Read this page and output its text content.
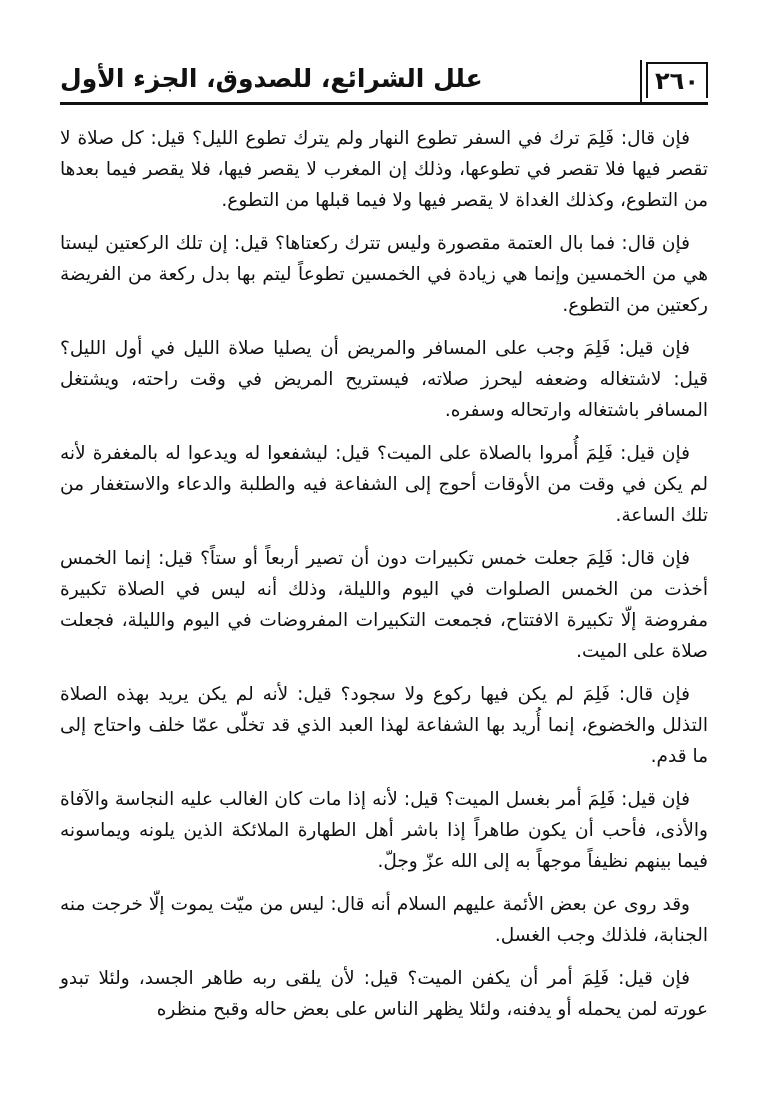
٢٦٠
علل الشرائع، للصدوق، الجزء الأول

فإن قال: فَلِمَ ترك في السفر تطوع النهار ولم يترك تطوع الليل؟ قيل: كل صلاة لا تقصر فيها فلا تقصر في تطوعها، وذلك إن المغرب لا يقصر فيها، فلا يقصر فيما بعدها من التطوع، وكذلك الغداة لا يقصر فيها ولا فيما قبلها من التطوع.

فإن قال: فما بال العتمة مقصورة وليس تترك ركعتاها؟ قيل: إن تلك الركعتين ليستا هي من الخمسين وإنما هي زيادة في الخمسين تطوعاً ليتم بها بدل ركعة من الفريضة ركعتين من التطوع.

فإن قيل: فَلِمَ وجب على المسافر والمريض أن يصليا صلاة الليل في أول الليل؟ قيل: لاشتغاله وضعفه ليحرز صلاته، فيستريح المريض في وقت راحته، ويشتغل المسافر باشتغاله وارتحاله وسفره.

فإن قيل: فَلِمَ أُمروا بالصلاة على الميت؟ قيل: ليشفعوا له ويدعوا له بالمغفرة لأنه لم يكن في وقت من الأوقات أحوج إلى الشفاعة فيه والطلبة والدعاء والاستغفار من تلك الساعة.

فإن قال: فَلِمَ جعلت خمس تكبيرات دون أن تصير أربعاً أو ستاً؟ قيل: إنما الخمس أخذت من الخمس الصلوات في اليوم والليلة، وذلك أنه ليس في الصلاة تكبيرة مفروضة إلّا تكبيرة الافتتاح، فجمعت التكبيرات المفروضات في اليوم والليلة، فجعلت صلاة على الميت.

فإن قال: فَلِمَ لم يكن فيها ركوع ولا سجود؟ قيل: لأنه لم يكن يريد بهذه الصلاة التذلل والخضوع، إنما أُريد بها الشفاعة لهذا العبد الذي قد تخلّى عمّا خلف واحتاج إلى ما قدم.

فإن قيل: فَلِمَ أمر بغسل الميت؟ قيل: لأنه إذا مات كان الغالب عليه النجاسة والآفاة والأذى، فأحب أن يكون طاهراً إذا باشر أهل الطهارة الملائكة الذين يلونه ويماسونه فيما بينهم نظيفاً موجهاً به إلى الله عزّ وجلّ.

وقد روى عن بعض الأئمة عليهم السلام أنه قال: ليس من ميّت يموت إلّا خرجت منه الجنابة، فلذلك وجب الغسل.

فإن قيل: فَلِمَ أمر أن يكفن الميت؟ قيل: لأن يلقى ربه طاهر الجسد، ولئلا تبدو عورته لمن يحمله أو يدفنه، ولئلا يظهر الناس على بعض حاله وقبح منظره
